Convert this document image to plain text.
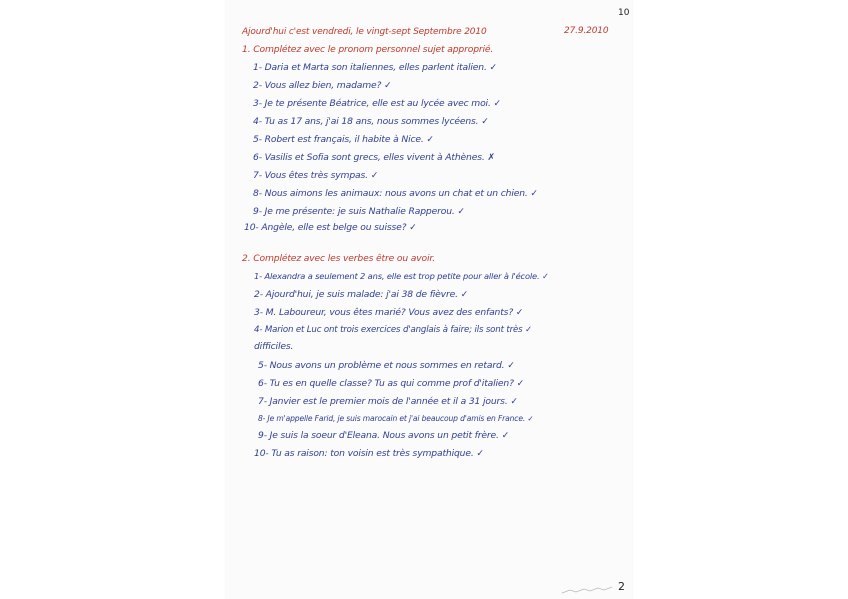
10
Ajourd'hui c'est vendredi, le vingt-sept Septembre 2010	27.9.2010
1. Complétez avec le pronom personnel sujet approprié.
1- Daria et Marta son italiennes, elles parlent italien. ✓
2- Vous allez bien, madame? ✓
3- Je te présente Béatrice, elle est au lycée avec moi. ✓
4- Tu as 17 ans, j'ai 18 ans, nous sommes lycéens. ✓
5- Robert est français, il habite à Nice. ✓
6- Vasilis et Sofia sont grecs, elles vivent à Athènes. ✗
7- Vous êtes très sympas. ✓
8- Nous aimons les animaux: nous avons un chat et un chien. ✓
9- Je me présente: je suis Nathalie Rapperou. ✓
10- Angèle, elle est belge ou suisse? ✓
2. Complétez avec les verbes être ou avoir.
1- Alexandra a seulement 2 ans, elle est trop petite pour aller à l'école. ✓
2- Ajourd'hui, je suis malade: j'ai 38 de fièvre. ✓
3- M. Laboureur, vous êtes marié? Vous avez des enfants? ✓
4- Marion et Luc ont trois exercices d'anglais à faire; ils sont très ✓
difficiles.
5- Nous avons un problème et nous sommes en retard. ✓
6- Tu es en quelle classe? Tu as qui comme prof d'italien? ✓
7- Janvier est le premier mois de l'année et il a 31 jours. ✓
8- Je m'appelle Farid, je suis marocain et j'ai beaucoup d'amis en France. ✓
9- Je suis la soeur d'Eleana. Nous avons un petit frère. ✓
10- Tu as raison: ton voisin est très sympathique. ✓
2
